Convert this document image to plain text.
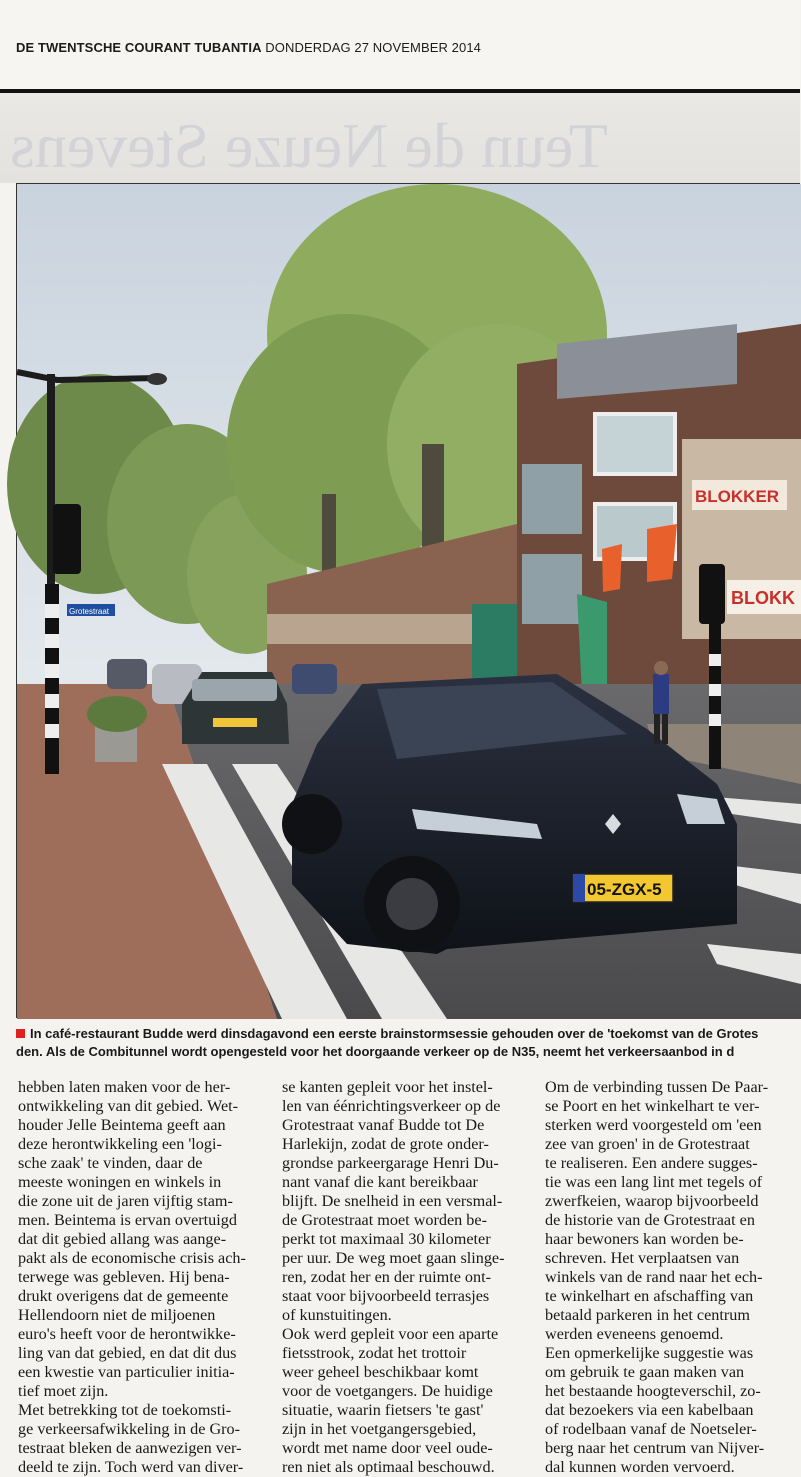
DE TWENTSCHE COURANT TUBANTIA DONDERDAG 27 NOVEMBER 2014
Teun de Neuze Stevens
BLOKKER
BLOKK
05-ZGX-5
Grotestraat
In café-restaurant Budde werd dinsdagavond een eerste brainstormsessie gehouden over de 'toekomst van de Grotes
den. Als de Combitunnel wordt opengesteld voor het doorgaande verkeer op de N35, neemt het verkeersaanbod in d

hebben laten maken voor de her-
ontwikkeling van dit gebied. Wet-
houder Jelle Beintema geeft aan
deze herontwikkeling een 'logi-
sche zaak' te vinden, daar de
meeste woningen en winkels in
die zone uit de jaren vijftig stam-
men. Beintema is ervan overtuigd
dat dit gebied allang was aange-
pakt als de economische crisis ach-
terwege was gebleven. Hij bena-
drukt overigens dat de gemeente
Hellendoorn niet de miljoenen
euro's heeft voor de herontwikke-
ling van dat gebied, en dat dit dus
een kwestie van particulier initia-
tief moet zijn.

Met betrekking tot de toekomsti-
ge verkeersafwikkeling in de Gro-
testraat bleken de aanwezigen ver-
deeld te zijn. Toch werd van diver-

se kanten gepleit voor het instel-
len van éénrichtingsverkeer op de
Grotestraat vanaf Budde tot De
Harlekijn, zodat de grote onder-
grondse parkeergarage Henri Du-
nant vanaf die kant bereikbaar
blijft. De snelheid in een versmal-
de Grotestraat moet worden be-
perkt tot maximaal 30 kilometer
per uur. De weg moet gaan slinge-
ren, zodat her en der ruimte ont-
staat voor bijvoorbeeld terrasjes
of kunstuitingen.

Ook werd gepleit voor een aparte
fietsstrook, zodat het trottoir
weer geheel beschikbaar komt
voor de voetgangers. De huidige
situatie, waarin fietsers 'te gast'
zijn in het voetgangersgebied,
wordt met name door veel oude-
ren niet als optimaal beschouwd.

Om de verbinding tussen De Paar-
se Poort en het winkelhart te ver-
sterken werd voorgesteld om 'een
zee van groen' in de Grotestraat
te realiseren. Een andere sugges-
tie was een lang lint met tegels of
zwerfkeien, waarop bijvoorbeeld
de historie van de Grotestraat en
haar bewoners kan worden be-
schreven. Het verplaatsen van
winkels van de rand naar het ech-
te winkelhart en afschaffing van
betaald parkeren in het centrum
werden eveneens genoemd.

Een opmerkelijke suggestie was
om gebruik te gaan maken van
het bestaande hoogteverschil, zo-
dat bezoekers via een kabelbaan
of rodelbaan vanaf de Noetseler-
berg naar het centrum van Nijver-
dal kunnen worden vervoerd.
